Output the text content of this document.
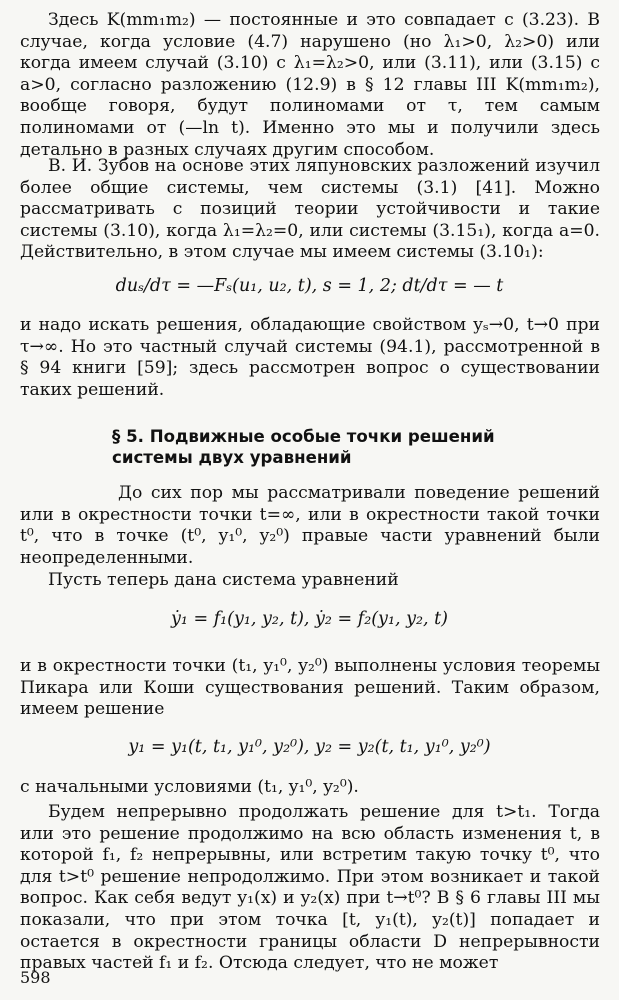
Здесь K(mm₁m₂) — постоянные и это совпадает с (3.23). В случае, когда условие (4.7) нарушено (но λ₁>0, λ₂>0) или когда имеем случай (3.10) с λ₁=λ₂>0, или (3.11), или (3.15) с a>0, согласно разложению (12.9) в § 12 главы III K(mm₁m₂), вообще говоря, будут полиномами от τ, тем самым полиномами от (—ln t). Именно это мы и получили здесь детально в разных случаях другим способом.

В. И. Зубов на основе этих ляпуновских разложений изучил более общие системы, чем системы (3.1) [41]. Можно рассматривать с позиций теории устойчивости и такие системы (3.10), когда λ₁=λ₂=0, или системы (3.15₁), когда a=0. Действительно, в этом случае мы имеем системы (3.10₁):

duₛ/dτ = —Fₛ(u₁, u₂, t), s = 1, 2; dt/dτ = — t

и надо искать решения, обладающие свойством yₛ→0, t→0 при τ→∞. Но это частный случай системы (94.1), рассмотренной в § 94 книги [59]; здесь рассмотрен вопрос о существовании таких решений.

§ 5. Подвижные особые точки решений
системы двух уравнений

До сих пор мы рассматривали поведение решений или в окрестности точки t=∞, или в окрестности такой точки t⁰, что в точке (t⁰, y₁⁰, y₂⁰) правые части уравнений были неопределенными.

Пусть теперь дана система уравнений

ẏ₁ = f₁(y₁, y₂, t), ẏ₂ = f₂(y₁, y₂, t)

и в окрестности точки (t₁, y₁⁰, y₂⁰) выполнены условия теоремы Пикара или Коши существования решений. Таким образом, имеем решение

y₁ = y₁(t, t₁, y₁⁰, y₂⁰), y₂ = y₂(t, t₁, y₁⁰, y₂⁰)

с начальными условиями (t₁, y₁⁰, y₂⁰).

Будем непрерывно продолжать решение для t>t₁. Тогда или это решение продолжимо на всю область изменения t, в которой f₁, f₂ непрерывны, или встретим такую точку t⁰, что для t>t⁰ решение непродолжимо. При этом возникает и такой вопрос. Как себя ведут y₁(x) и y₂(x) при t→t⁰? В § 6 главы III мы показали, что при этом точка [t, y₁(t), y₂(t)] попадает и остается в окрестности границы области D непрерывности правых частей f₁ и f₂. Отсюда следует, что не может

598
